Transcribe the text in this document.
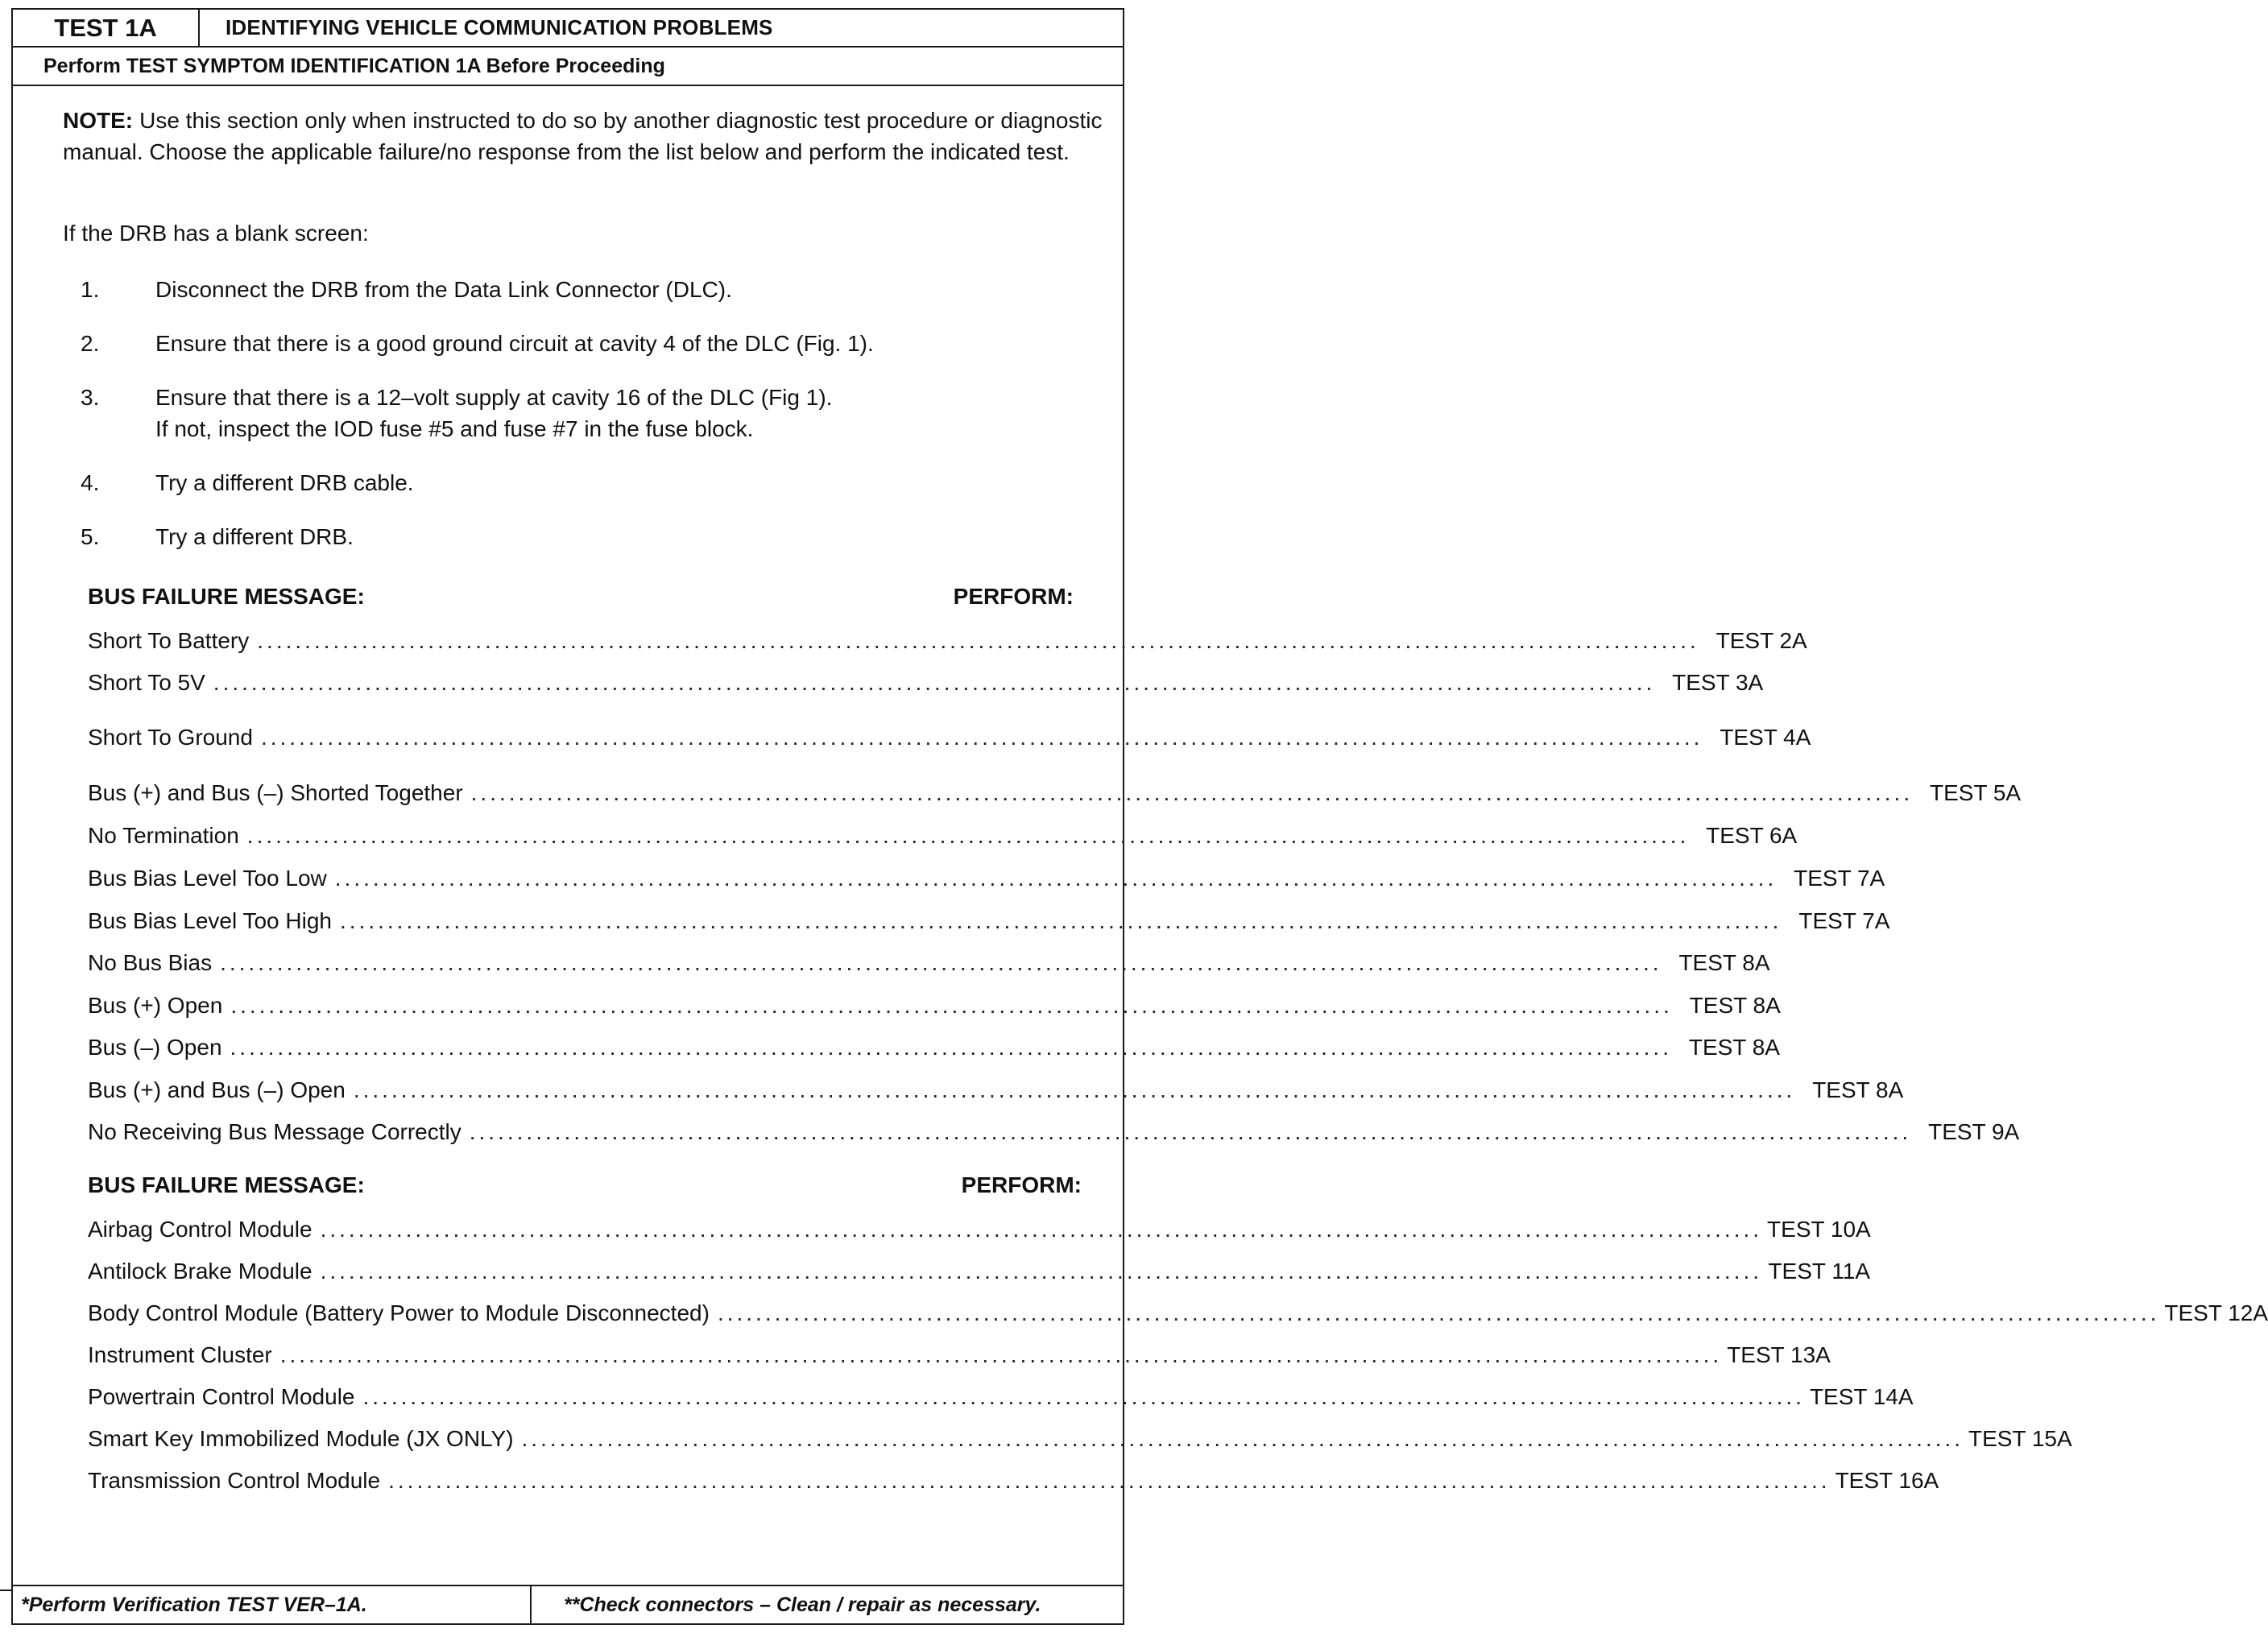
TEST 1A	IDENTIFYING VEHICLE COMMUNICATION PROBLEMS
Perform TEST SYMPTOM IDENTIFICATION 1A Before Proceeding
NOTE: Use this section only when instructed to do so by another diagnostic test procedure or diagnostic manual. Choose the applicable failure/no response from the list below and perform the indicated test.
If the DRB has a blank screen:
1.	Disconnect the DRB from the Data Link Connector (DLC).
2.	Ensure that there is a good ground circuit at cavity 4 of the DLC (Fig. 1).
3.	Ensure that there is a 12–volt supply at cavity 16 of the DLC (Fig 1).
If not, inspect the IOD fuse #5 and fuse #7 in the fuse block.
4.	Try a different DRB cable.
5.	Try a different DRB.
BUS FAILURE MESSAGE:	PERFORM:
Short To Battery ........................................................................................................................................................ TEST 2A
Short To 5V ........................................................................................................................................................ TEST 3A
Short To Ground ........................................................................................................................................................ TEST 4A
Bus (+) and Bus (–) Shorted Together ........................................................................................................................................................ TEST 5A
No Termination ........................................................................................................................................................ TEST 6A
Bus Bias Level Too Low ........................................................................................................................................................ TEST 7A
Bus Bias Level Too High ........................................................................................................................................................ TEST 7A
No Bus Bias ........................................................................................................................................................ TEST 8A
Bus (+) Open ........................................................................................................................................................ TEST 8A
Bus (–) Open ........................................................................................................................................................ TEST 8A
Bus (+) and Bus (–) Open ........................................................................................................................................................ TEST 8A
No Receiving Bus Message Correctly ........................................................................................................................................................ TEST 9A
BUS FAILURE MESSAGE:	PERFORM:
Airbag Control Module ........................................................................................................................................................ TEST 10A
Antilock Brake Module ........................................................................................................................................................ TEST 11A
Body Control Module (Battery Power to Module Disconnected) ........................................................................................................................................................ TEST 12A
Instrument Cluster ........................................................................................................................................................ TEST 13A
Powertrain Control Module ........................................................................................................................................................ TEST 14A
Smart Key Immobilized Module (JX ONLY) ........................................................................................................................................................ TEST 15A
Transmission Control Module ........................................................................................................................................................ TEST 16A
*Perform Verification TEST VER–1A.	**Check connectors – Clean / repair as necessary.
